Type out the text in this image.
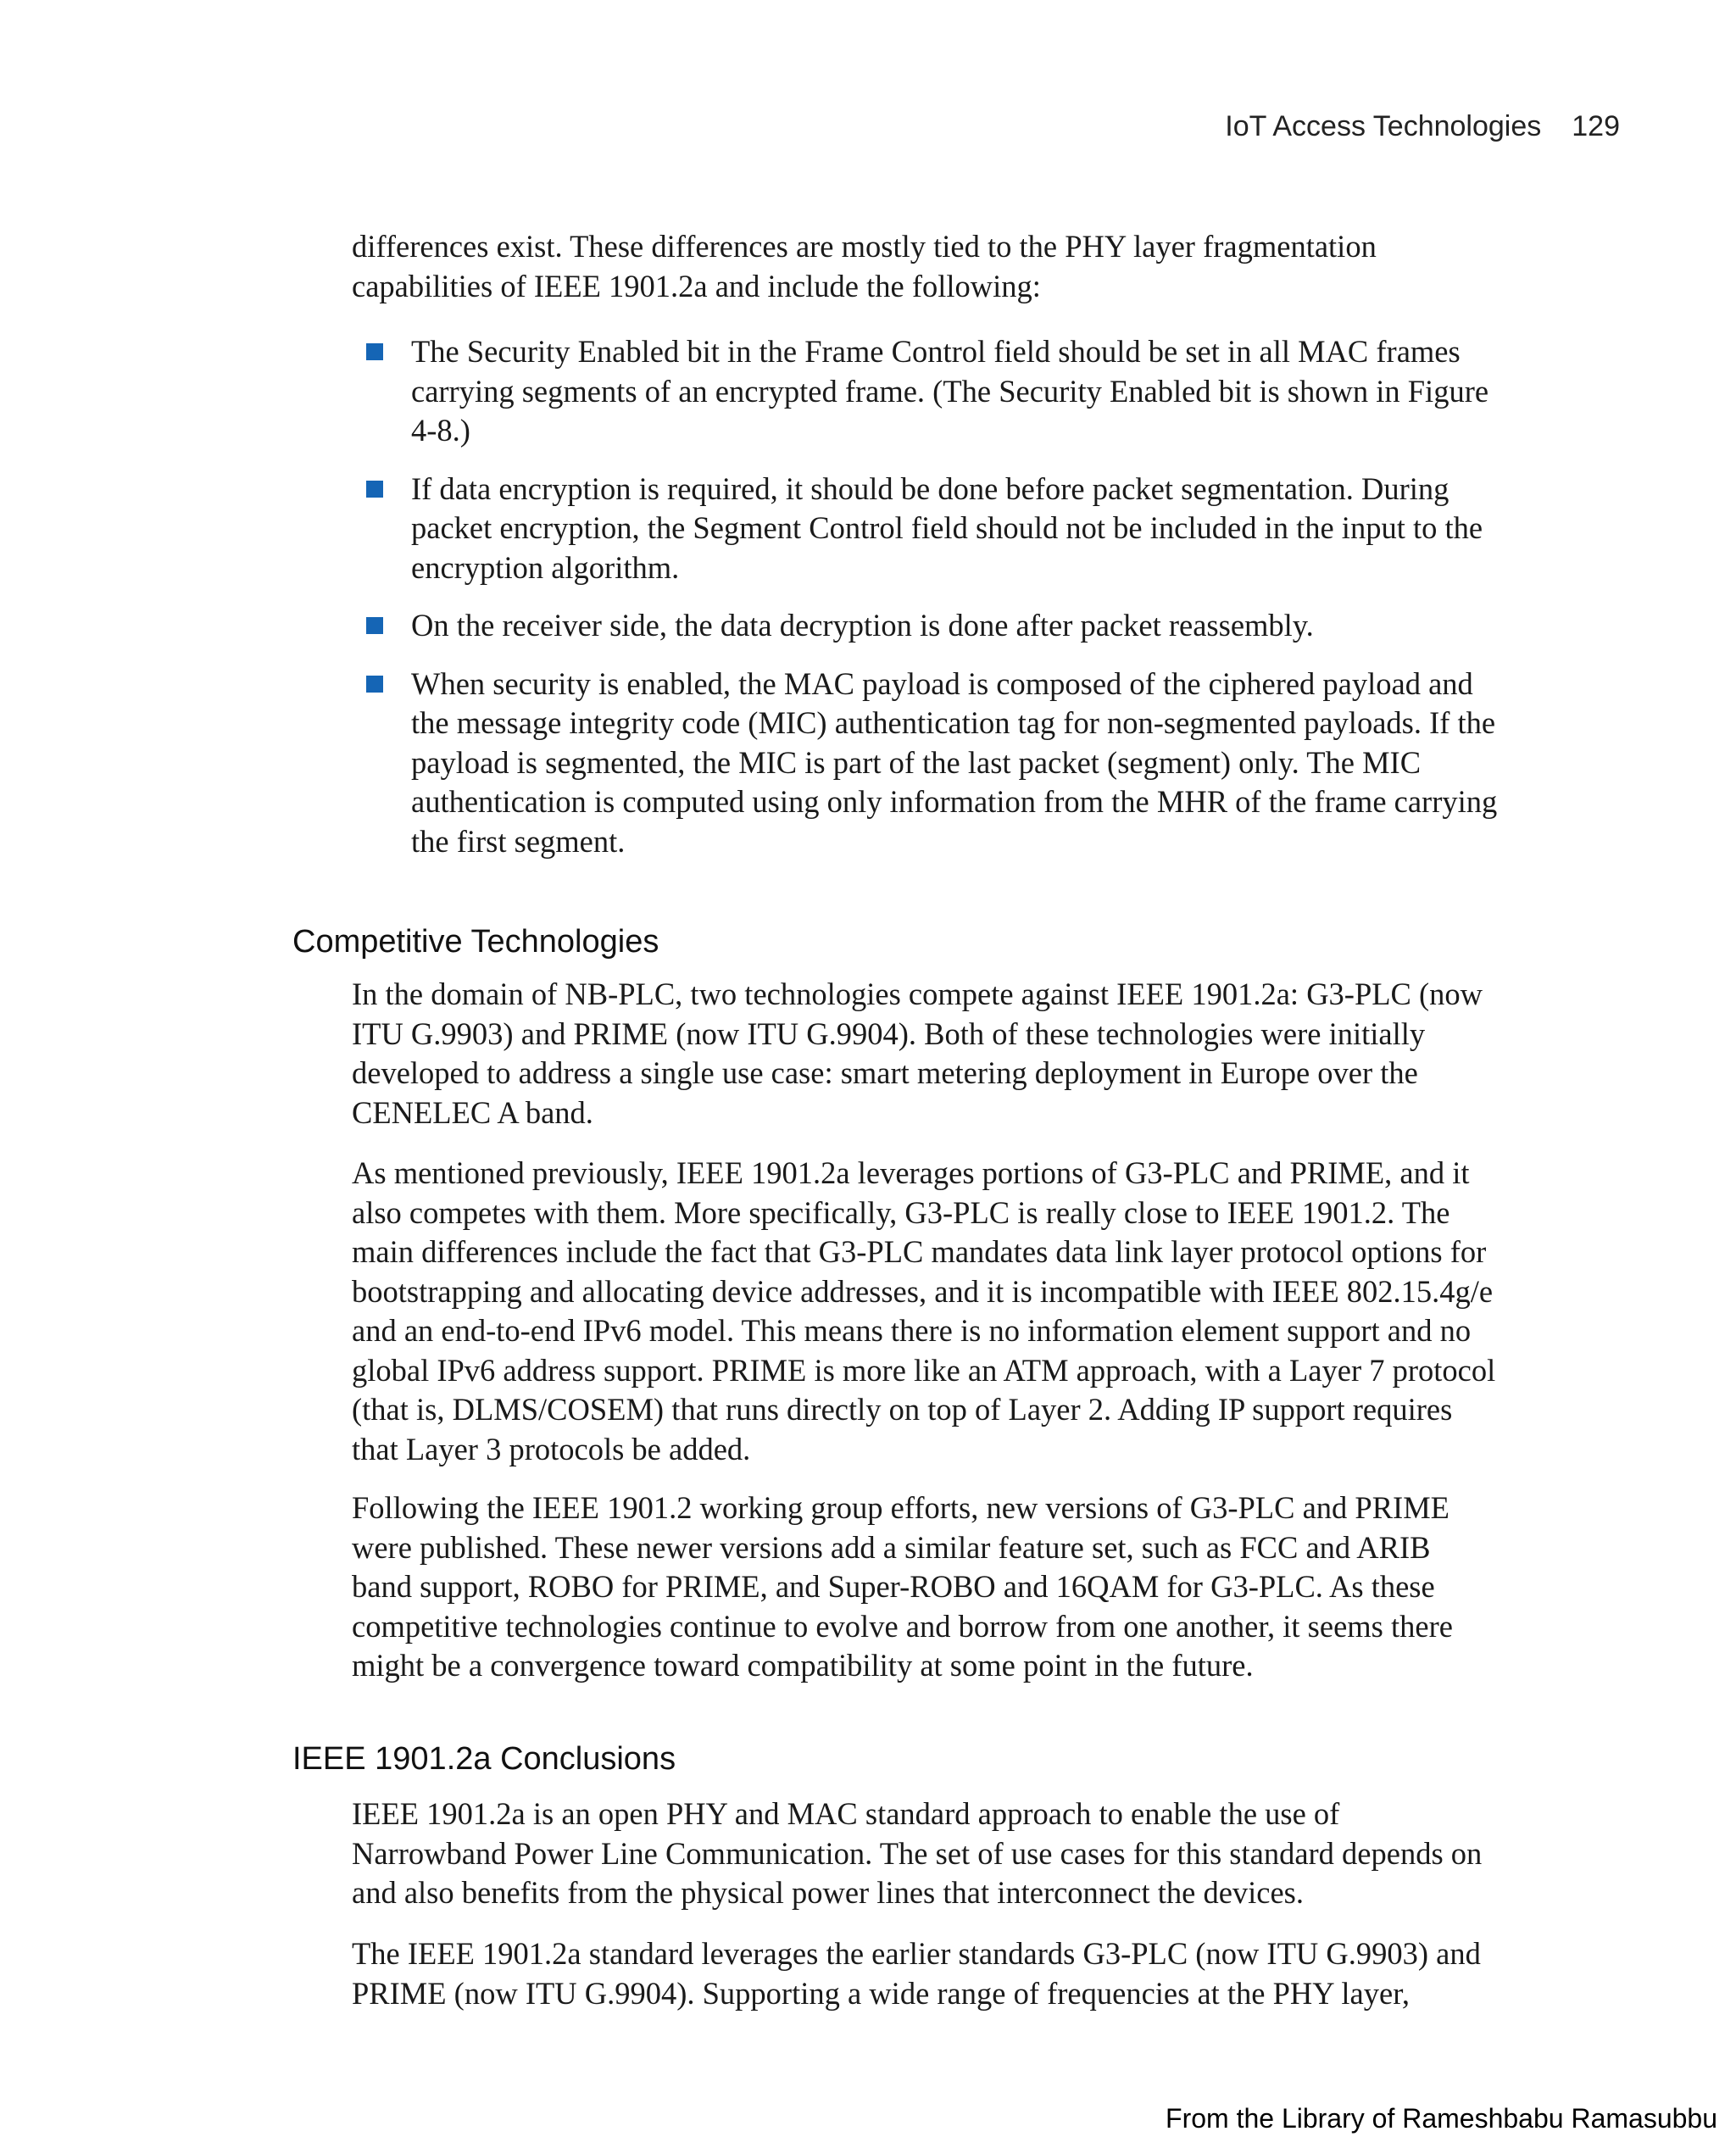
IoT Access Technologies 129

differences exist. These differences are mostly tied to the PHY layer fragmentation capabilities of IEEE 1901.2a and include the following:

The Security Enabled bit in the Frame Control field should be set in all MAC frames carrying segments of an encrypted frame. (The Security Enabled bit is shown in Figure 4-8.)
If data encryption is required, it should be done before packet segmentation. During packet encryption, the Segment Control field should not be included in the input to the encryption algorithm.
On the receiver side, the data decryption is done after packet reassembly.
When security is enabled, the MAC payload is composed of the ciphered payload and the message integrity code (MIC) authentication tag for non-segmented payloads. If the payload is segmented, the MIC is part of the last packet (segment) only. The MIC authentication is computed using only information from the MHR of the frame carrying the first segment.
Competitive Technologies

In the domain of NB-PLC, two technologies compete against IEEE 1901.2a: G3-PLC (now ITU G.9903) and PRIME (now ITU G.9904). Both of these technologies were initially developed to address a single use case: smart metering deployment in Europe over the CENELEC A band.

As mentioned previously, IEEE 1901.2a leverages portions of G3-PLC and PRIME, and it also competes with them. More specifically, G3-PLC is really close to IEEE 1901.2. The main differences include the fact that G3-PLC mandates data link layer protocol options for bootstrapping and allocating device addresses, and it is incompatible with IEEE 802.15.4g/e and an end-to-end IPv6 model. This means there is no information element support and no global IPv6 address support. PRIME is more like an ATM approach, with a Layer 7 protocol (that is, DLMS/COSEM) that runs directly on top of Layer 2. Adding IP support requires that Layer 3 protocols be added.

Following the IEEE 1901.2 working group efforts, new versions of G3-PLC and PRIME were published. These newer versions add a similar feature set, such as FCC and ARIB band support, ROBO for PRIME, and Super-ROBO and 16QAM for G3-PLC. As these competitive technologies continue to evolve and borrow from one another, it seems there might be a convergence toward compatibility at some point in the future.

IEEE 1901.2a Conclusions

IEEE 1901.2a is an open PHY and MAC standard approach to enable the use of Narrowband Power Line Communication. The set of use cases for this standard depends on and also benefits from the physical power lines that interconnect the devices.

The IEEE 1901.2a standard leverages the earlier standards G3-PLC (now ITU G.9903) and PRIME (now ITU G.9904). Supporting a wide range of frequencies at the PHY layer,

From the Library of Rameshbabu Ramasubbu
